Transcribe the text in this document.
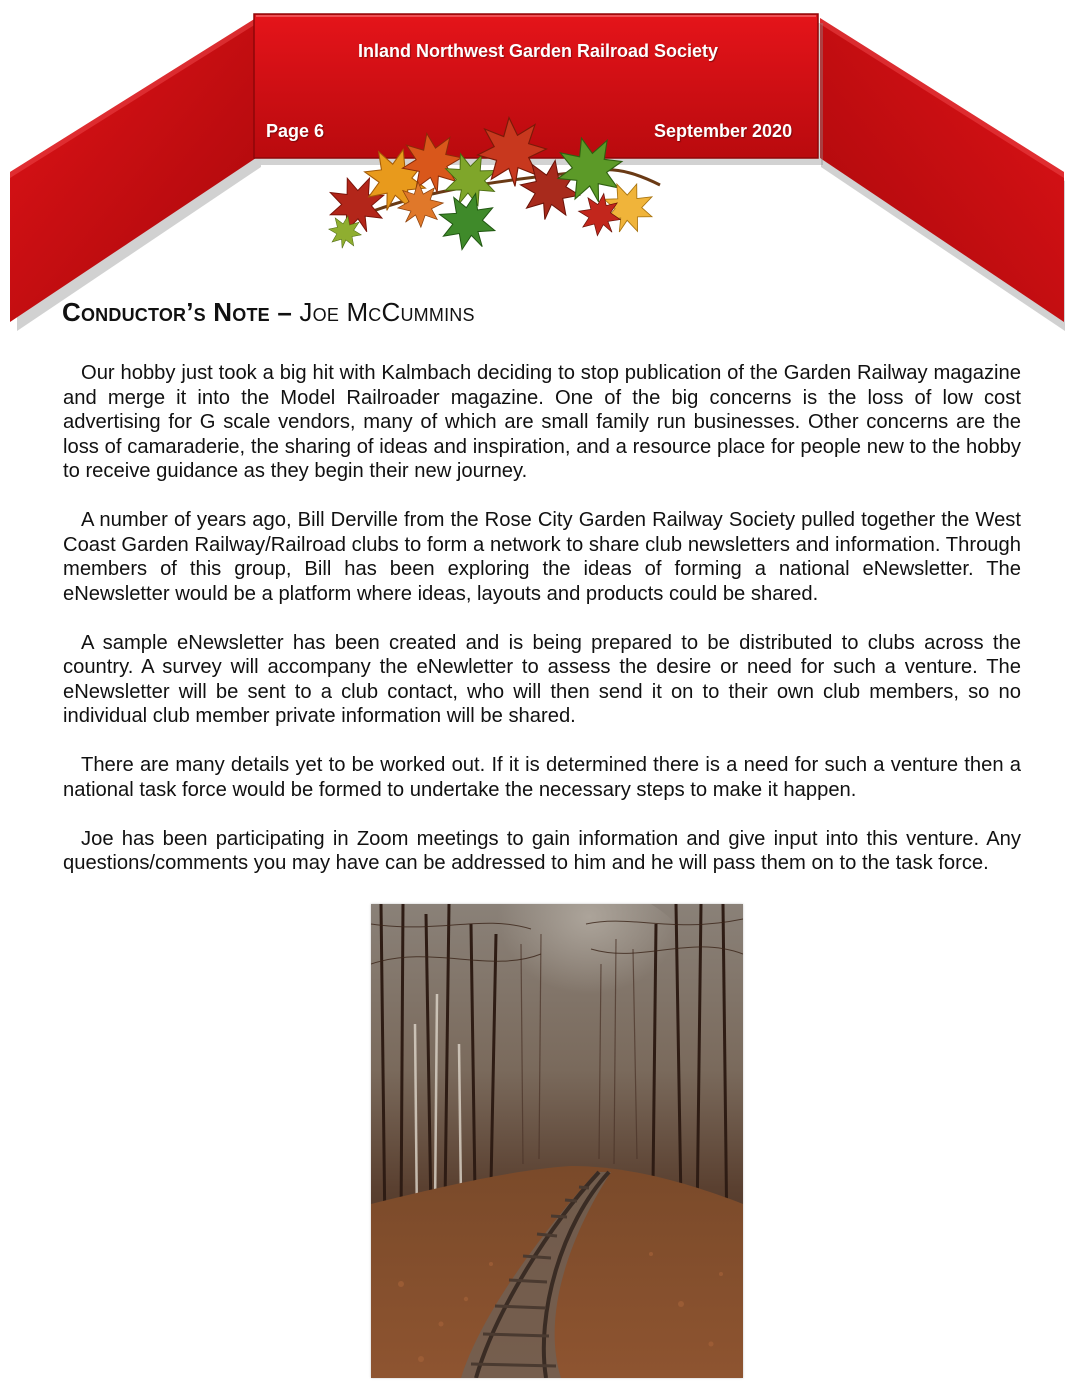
Inland Northwest Garden Railroad Society
Page 6	September 2020
Conductor’s Note – Joe McCummins

Our hobby just took a big hit with Kalmbach deciding to stop publication of the Garden Railway magazine and merge it into the Model Railroader magazine. One of the big concerns is the loss of low cost advertising for G scale vendors, many of which are small family run businesses. Other concerns are the loss of camaraderie, the sharing of ideas and inspiration, and a resource place for people new to the hobby to receive guidance as they begin their new journey.

A number of years ago, Bill Derville from the Rose City Garden Railway Society pulled together the West Coast Garden Railway/Railroad clubs to form a network to share club newsletters and information. Through members of this group, Bill has been exploring the ideas of forming a national eNewsletter. The eNewsletter would be a platform where ideas, layouts and products could be shared.

A sample eNewsletter has been created and is being prepared to be distributed to clubs across the country. A survey will accompany the eNewletter to assess the desire or need for such a venture. The eNewsletter will be sent to a club contact, who will then send it on to their own club members, so no individual club member private information will be shared.

There are many details yet to be worked out. If it is determined there is a need for such a venture then a national task force would be formed to undertake the necessary steps to make it happen.

Joe has been participating in Zoom meetings to gain information and give input into this venture. Any questions/comments you may have can be addressed to him and he will pass them on to the task force.
